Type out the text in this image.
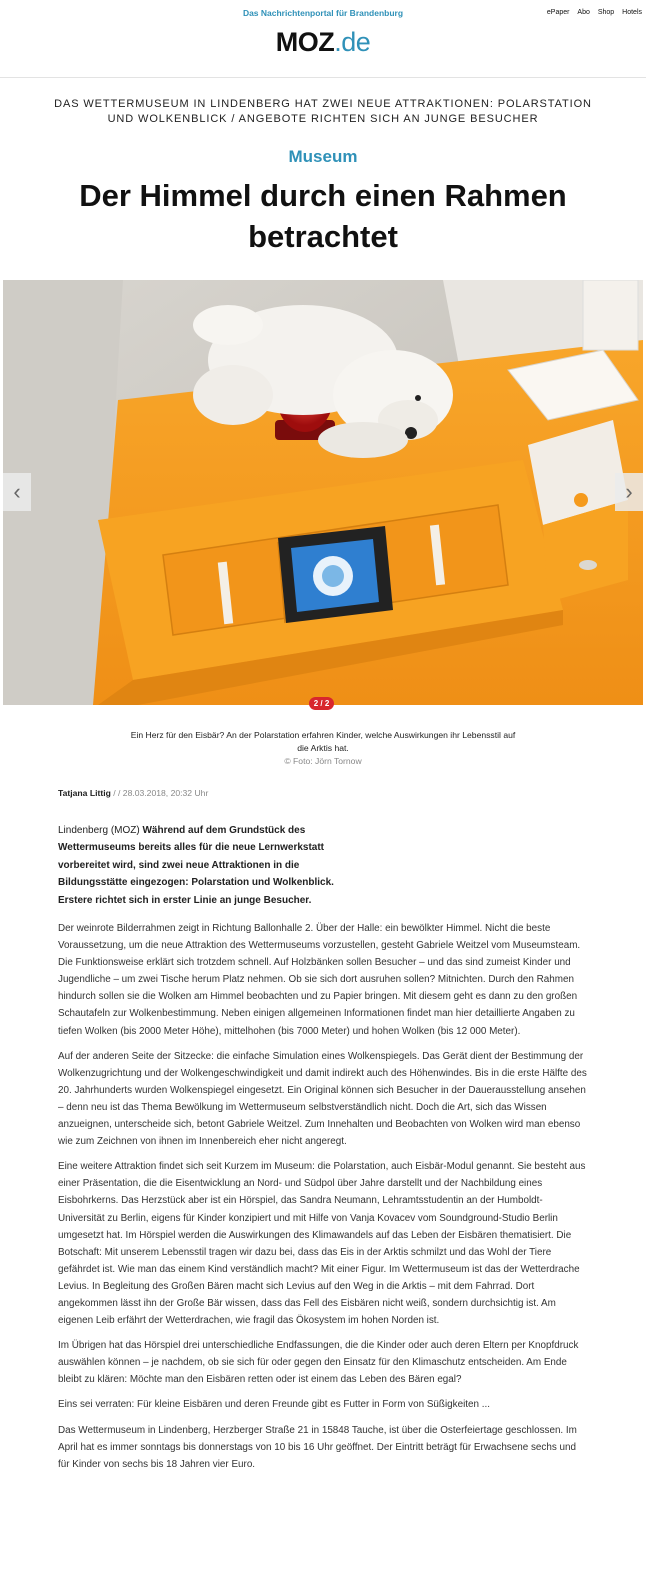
Das Nachrichtenportal für Brandenburg
MOZ.de
ePaper Abo Shop Hotels
DAS WETTERMUSEUM IN LINDENBERG HAT ZWEI NEUE ATTRAKTIONEN: POLARSTATION UND WOLKENBLICK / ANGEBOTE RICHTEN SICH AN JUNGE BESUCHER
Museum
Der Himmel durch einen Rahmen betrachtet
‹	›
2 / 2
Ein Herz für den Eisbär? An der Polarstation erfahren Kinder, welche Auswirkungen ihr Lebensstil auf die Arktis hat.
© Foto: Jörn Tornow
Tatjana Littig / / 28.03.2018, 20:32 Uhr
Lindenberg (MOZ) Während auf dem Grundstück des Wettermuseums bereits alles für die neue Lernwerkstatt vorbereitet wird, sind zwei neue Attraktionen in die Bildungsstätte eingezogen: Polarstation und Wolkenblick. Erstere richtet sich in erster Linie an junge Besucher.

Der weinrote Bilderrahmen zeigt in Richtung Ballonhalle 2. Über der Halle: ein bewölkter Himmel. Nicht die beste Voraussetzung, um die neue Attraktion des Wettermuseums vorzustellen, gesteht Gabriele Weitzel vom Museumsteam. Die Funktionsweise erklärt sich trotzdem schnell. Auf Holzbänken sollen Besucher – und das sind zumeist Kinder und Jugendliche – um zwei Tische herum Platz nehmen. Ob sie sich dort ausruhen sollen? Mitnichten. Durch den Rahmen hindurch sollen sie die Wolken am Himmel beobachten und zu Papier bringen. Mit diesem geht es dann zu den großen Schautafeln zur Wolkenbestimmung. Neben einigen allgemeinen Informationen findet man hier detaillierte Angaben zu tiefen Wolken (bis 2000 Meter Höhe), mittelhohen (bis 7000 Meter) und hohen Wolken (bis 12 000 Meter).

Auf der anderen Seite der Sitzecke: die einfache Simulation eines Wolkenspiegels. Das Gerät dient der Bestimmung der Wolkenzugrichtung und der Wolkengeschwindigkeit und damit indirekt auch des Höhenwindes. Bis in die erste Hälfte des 20. Jahrhunderts wurden Wolkenspiegel eingesetzt. Ein Original können sich Besucher in der Dauerausstellung ansehen – denn neu ist das Thema Bewölkung im Wettermuseum selbstverständlich nicht. Doch die Art, sich das Wissen anzueignen, unterscheide sich, betont Gabriele Weitzel. Zum Innehalten und Beobachten von Wolken wird man ebenso wie zum Zeichnen von ihnen im Innenbereich eher nicht angeregt.

Eine weitere Attraktion findet sich seit Kurzem im Museum: die Polarstation, auch Eisbär-Modul genannt. Sie besteht aus einer Präsentation, die die Eisentwicklung an Nord- und Südpol über Jahre darstellt und der Nachbildung eines Eisbohrkerns. Das Herzstück aber ist ein Hörspiel, das Sandra Neumann, Lehramtsstudentin an der Humboldt-Universität zu Berlin, eigens für Kinder konzipiert und mit Hilfe von Vanja Kovacev vom Soundground-Studio Berlin umgesetzt hat. Im Hörspiel werden die Auswirkungen des Klimawandels auf das Leben der Eisbären thematisiert. Die Botschaft: Mit unserem Lebensstil tragen wir dazu bei, dass das Eis in der Arktis schmilzt und das Wohl der Tiere gefährdet ist. Wie man das einem Kind verständlich macht? Mit einer Figur. Im Wettermuseum ist das der Wetterdrache Levius. In Begleitung des Großen Bären macht sich Levius auf den Weg in die Arktis – mit dem Fahrrad. Dort angekommen lässt ihn der Große Bär wissen, dass das Fell des Eisbären nicht weiß, sondern durchsichtig ist. Am eigenen Leib erfährt der Wetterdrachen, wie fragil das Ökosystem im hohen Norden ist.

Im Übrigen hat das Hörspiel drei unterschiedliche Endfassungen, die die Kinder oder auch deren Eltern per Knopfdruck auswählen können – je nachdem, ob sie sich für oder gegen den Einsatz für den Klimaschutz entscheiden. Am Ende bleibt zu klären: Möchte man den Eisbären retten oder ist einem das Leben des Bären egal?

Eins sei verraten: Für kleine Eisbären und deren Freunde gibt es Futter in Form von Süßigkeiten ...

Das Wettermuseum in Lindenberg, Herzberger Straße 21 in 15848 Tauche, ist über die Osterfeiertage geschlossen. Im April hat es immer sonntags bis donnerstags von 10 bis 16 Uhr geöffnet. Der Eintritt beträgt für Erwachsene sechs und für Kinder von sechs bis 18 Jahren vier Euro.
